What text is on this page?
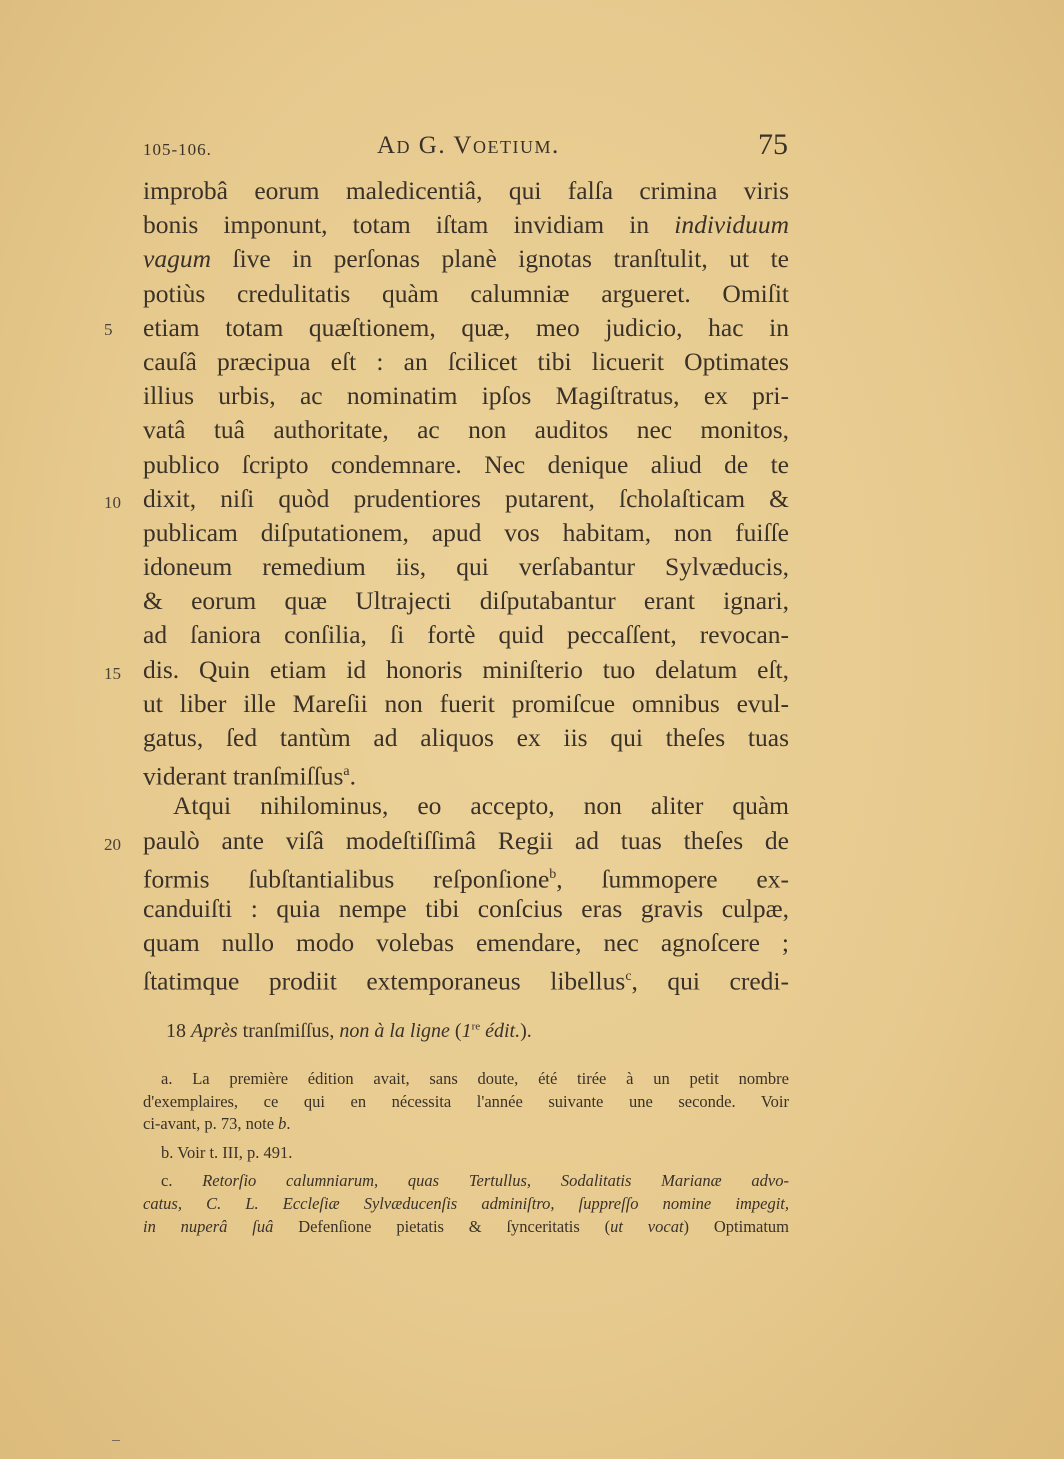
105-106.	Ad G. Voetium.	75
5
10
15
20
improbâ eorum maledicentiâ, qui falſa crimina viris
bonis imponunt, totam iſtam invidiam in individuum
vagum ſive in perſonas planè ignotas tranſtulit, ut te
potiùs credulitatis quàm calumniæ argueret. Omiſit
etiam totam quæſtionem, quæ, meo judicio, hac in
cauſâ præcipua eſt : an ſcilicet tibi licuerit Optimates
illius urbis, ac nominatim ipſos Magiſtratus, ex pri-
vatâ tuâ authoritate, ac non auditos nec monitos,
publico ſcripto condemnare. Nec denique aliud de te
dixit, niſi quòd prudentiores putarent, ſcholaſticam &
publicam diſputationem, apud vos habitam, non fuiſſe
idoneum remedium iis, qui verſabantur Sylvæducis,
& eorum quæ Ultrajecti diſputabantur erant ignari,
ad ſaniora conſilia, ſi fortè quid peccaſſent, revocan-
dis. Quin etiam id honoris miniſterio tuo delatum eſt,
ut liber ille Mareſii non fuerit promiſcue omnibus evul-
gatus, ſed tantùm ad aliquos ex iis qui theſes tuas
viderant tranſmiſſus$^a$.
Atqui nihilominus, eo accepto, non aliter quàm
paulò ante viſâ modeſtiſſimâ Regii ad tuas theſes de
formis ſubſtantialibus reſponſione$^b$, ſummopere ex-
canduiſti : quia nempe tibi conſcius eras gravis culpæ,
quam nullo modo volebas emendare, nec agnoſcere ;
ſtatimque prodiit extemporaneus libellus$^c$, qui credi-
18 Après tranſmiſſus, non à la ligne (1re édit.).
a. La première édition avait, sans doute, été tirée à un petit nombre
d'exemplaires, ce qui en nécessita l'année suivante une seconde. Voir
ci-avant, p. 73, note b.
b. Voir t. III, p. 491.
c. Retorſio calumniarum, quas Tertullus, Sodalitatis Marianæ advo-
catus, C. L. Eccleſiæ Sylvæducenſis adminiſtro, ſuppreſſo nomine impegit,
in nuperâ ſuâ Defenſione pietatis & ſynceritatis (ut vocat) Optimatum
